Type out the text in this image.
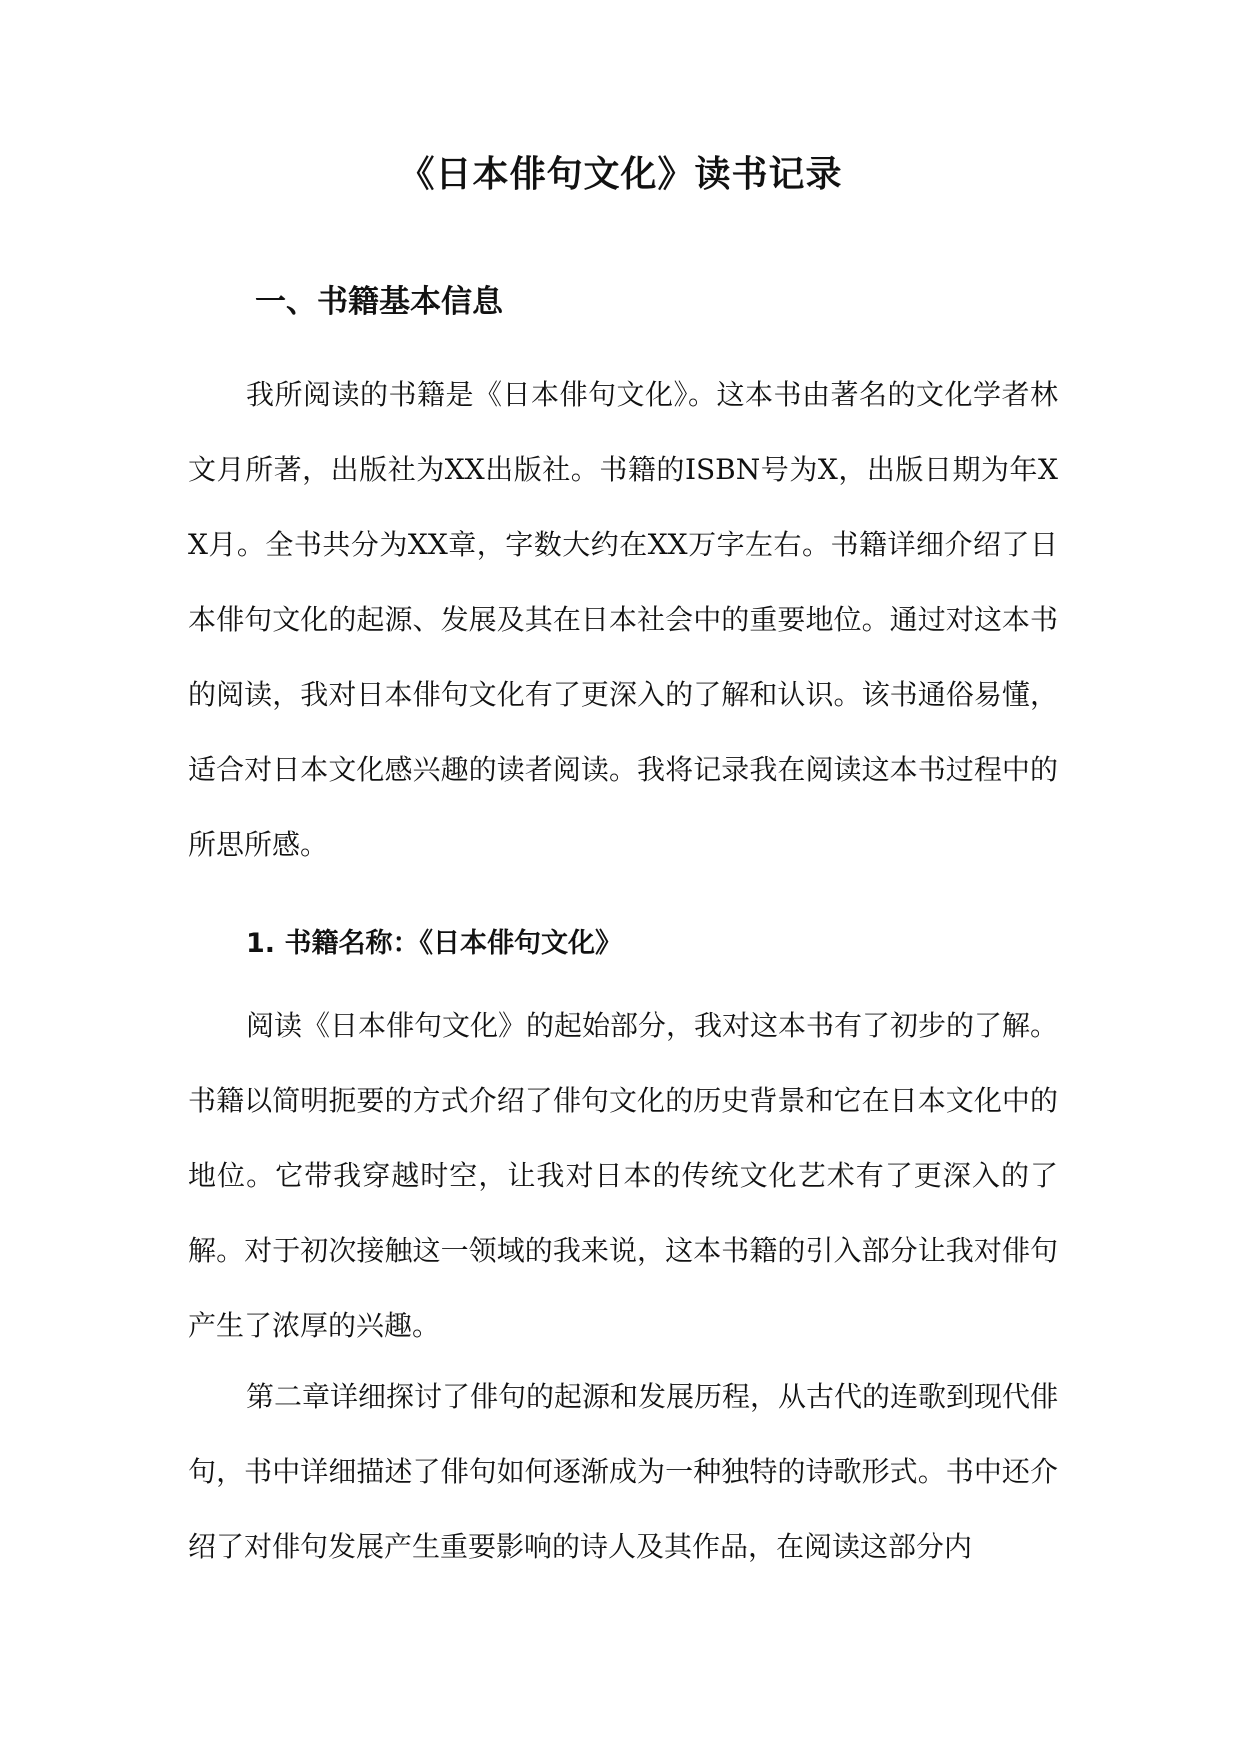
《日本俳句文化》读书记录
一、书籍基本信息

我所阅读的书籍是《日本俳句文化》。这本书由著名的文化学者林文月所著，出版社为XX出版社。书籍的ISBN号为X，出版日期为年XX月。全书共分为XX章，字数大约在XX万字左右。书籍详细介绍了日本俳句文化的起源、发展及其在日本社会中的重要地位。通过对这本书的阅读，我对日本俳句文化有了更深入的了解和认识。该书通俗易懂，适合对日本文化感兴趣的读者阅读。我将记录我在阅读这本书过程中的所思所感。

1. 书籍名称：《日本俳句文化》

阅读《日本俳句文化》的起始部分，我对这本书有了初步的了解。书籍以简明扼要的方式介绍了俳句文化的历史背景和它在日本文化中的地位。它带我穿越时空，让我对日本的传统文化艺术有了更深入的了解。对于初次接触这一领域的我来说，这本书籍的引入部分让我对俳句产生了浓厚的兴趣。

第二章详细探讨了俳句的起源和发展历程，从古代的连歌到现代俳句，书中详细描述了俳句如何逐渐成为一种独特的诗歌形式。书中还介绍了对俳句发展产生重要影响的诗人及其作品，在阅读这部分内
